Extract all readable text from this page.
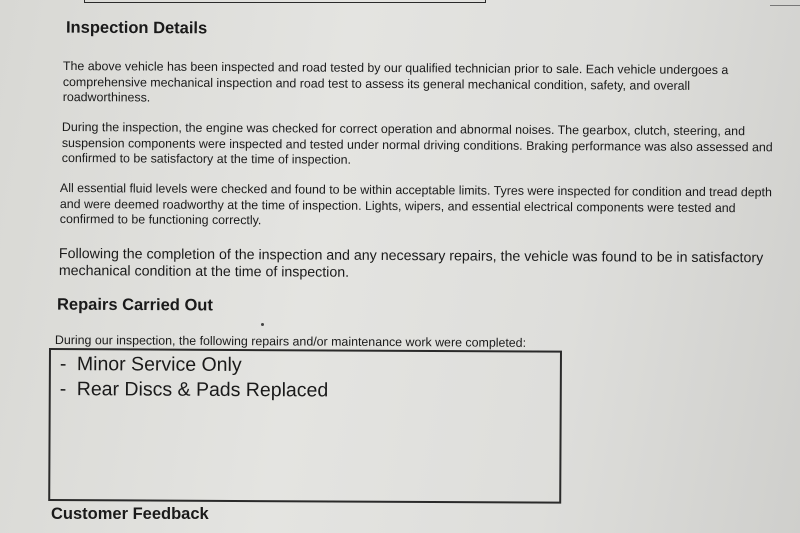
Inspection Details

The above vehicle has been inspected and road tested by our qualified technician prior to sale. Each vehicle undergoes a comprehensive mechanical inspection and road test to assess its general mechanical condition, safety, and overall roadworthiness.

During the inspection, the engine was checked for correct operation and abnormal noises. The gearbox, clutch, steering, and suspension components were inspected and tested under normal driving conditions. Braking performance was also assessed and confirmed to be satisfactory at the time of inspection.

All essential fluid levels were checked and found to be within acceptable limits. Tyres were inspected for condition and tread depth and were deemed roadworthy at the time of inspection. Lights, wipers, and essential electrical components were tested and confirmed to be functioning correctly.

Following the completion of the inspection and any necessary repairs, the vehicle was found to be in satisfactory mechanical condition at the time of inspection.

Repairs Carried Out

During our inspection, the following repairs and/or maintenance work were completed:

- Minor Service Only
- Rear Discs & Pads Replaced
Customer Feedback
